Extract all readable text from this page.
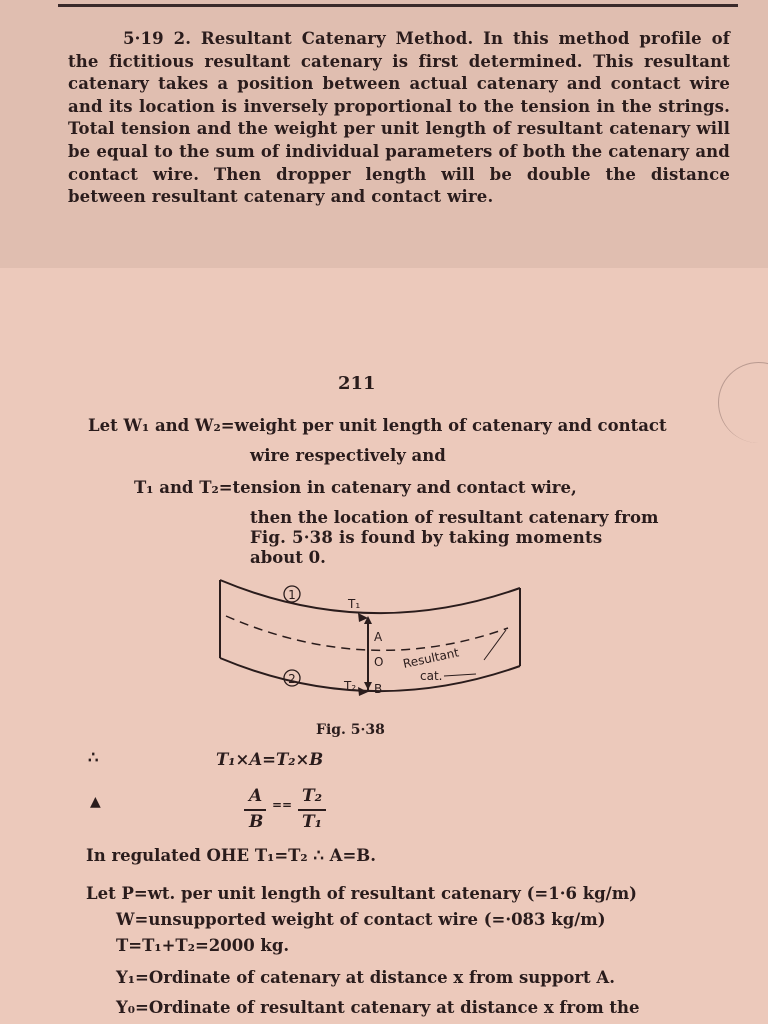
5·19 2. Resultant Catenary Method. In this method profile of the fictitious resultant catenary is first determined. This resultant catenary takes a position between actual catenary and contact wire and its location is inversely proportional to the tension in the strings. Total tension and the weight per unit length of resultant catenary will be equal to the sum of individual parameters of both the catenary and contact wire. Then dropper length will be double the distance between resultant catenary and contact wire.
211
Let W₁ and W₂=weight per unit length of catenary and contact
wire respectively and
T₁ and T₂=tension in catenary and contact wire,
then the location of resultant catenary from
Fig. 5·38 is found by taking moments
about 0.
1
2
T₁
T₂
A
O
B
Resultant
cat.
Fig. 5·38
∴	T₁×A=T₂×B
▲	A
B
== T₂
T₁
In regulated OHE T₁=T₂ ∴ A=B.
Let P=wt. per unit length of resultant catenary (=1·6 kg/m)
W=unsupported weight of contact wire (=·083 kg/m)
T=T₁+T₂=2000 kg.
Y₁=Ordinate of catenary at distance x from support A.
Y₀=Ordinate of resultant catenary at distance x from the
